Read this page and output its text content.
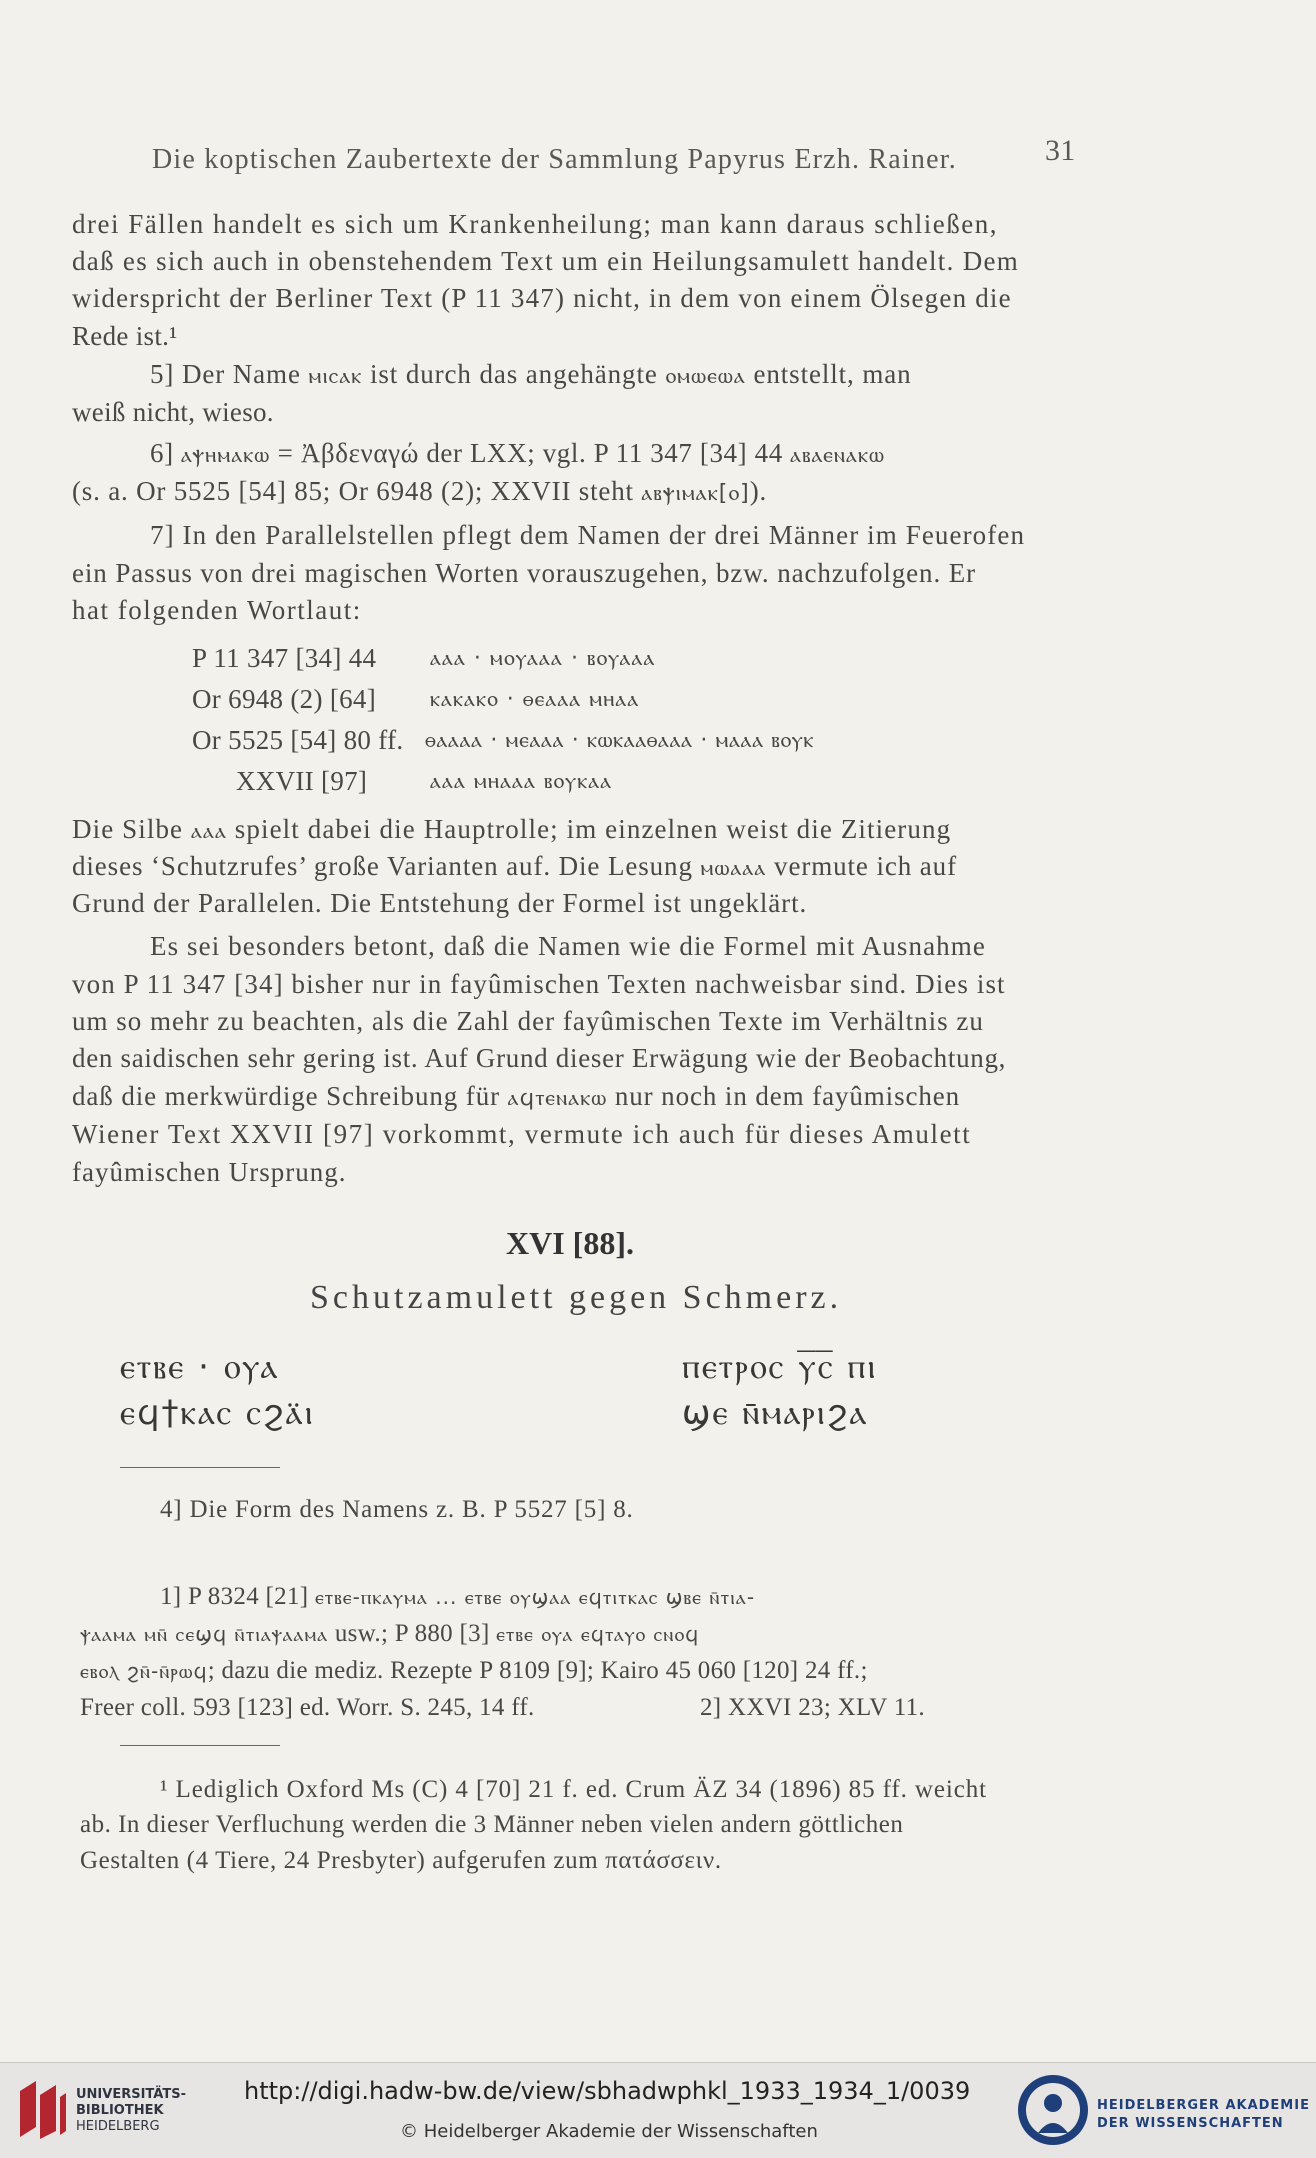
Die koptischen Zaubertexte der Sammlung Papyrus Erzh. Rainer.	31
drei Fällen handelt es sich um Krankenheilung; man kann daraus schließen,
daß es sich auch in obenstehendem Text um ein Heilungsamulett handelt. Dem
widerspricht der Berliner Text (P 11 347) nicht, in dem von einem Ölsegen die
Rede ist.¹
5] Der Name ⲙⲓⲥⲁⲕ ist durch das angehängte ⲟⲙⲱⲉⲱⲁ entstellt, man
weiß nicht, wieso.
6] ⲁⲯⲏⲙⲁⲕⲱ = Ἀβδεναγώ der LXX; vgl. P 11 347 [34] 44 ⲁⲃⲁⲉⲛⲁⲕⲱ
(s. a. Or 5525 [54] 85; Or 6948 (2); XXVII steht ⲁⲃⲯⲓⲙⲁⲕ[ⲟ]).
7] In den Parallelstellen pflegt dem Namen der drei Männer im Feuerofen
ein Passus von drei magischen Worten vorauszugehen, bzw. nachzufolgen. Er
hat folgenden Wortlaut:
P 11 347 [34] 44 ⲁⲁⲁ · ⲙⲟⲩⲁⲁⲁ · ⲃⲟⲩⲁⲁⲁ
Or 6948 (2) [64] ⲕⲁⲕⲁⲕⲟ · ⲑⲉⲁⲁⲁ ⲙⲏⲁⲁ
Or 5525 [54] 80 ff. ⲑⲁⲁⲁⲁ · ⲙⲉⲁⲁⲁ · ⲕⲱⲕⲁⲁⲑⲁⲁⲁ · ⲙⲁⲁⲁ ⲃⲟⲩⲕ
XXVII [97]	ⲁⲁⲁ ⲙⲏⲁⲁⲁ ⲃⲟⲩⲕⲁⲁ
Die Silbe ⲁⲁⲁ spielt dabei die Hauptrolle; im einzelnen weist die Zitierung
dieses ‘Schutzrufes’ große Varianten auf. Die Lesung ⲙⲱⲁⲁⲁ vermute ich auf
Grund der Parallelen. Die Entstehung der Formel ist ungeklärt.
Es sei besonders betont, daß die Namen wie die Formel mit Ausnahme
von P 11 347 [34] bisher nur in fayûmischen Texten nachweisbar sind. Dies ist
um so mehr zu beachten, als die Zahl der fayûmischen Texte im Verhältnis zu
den saidischen sehr gering ist. Auf Grund dieser Erwägung wie der Beobachtung,
daß die merkwürdige Schreibung für ⲁϥⲧⲉⲛⲁⲕⲱ nur noch in dem fayûmischen
Wiener Text XXVII [97] vorkommt, vermute ich auch für dieses Amulett
fayûmischen Ursprung.
XVI [88].
Schutzamulett gegen Schmerz.
ⲉⲧⲃⲉ · ⲟⲩⲁ
ⲉϥ†ⲕⲁⲥ ⲥϩⲁ̈ⲓ
ⲡⲉⲧⲣⲟⲥ ⲩ̅ⲥ̅ ⲡⲓ
ϣⲉ ⲛ̄ⲙⲁⲣⲓϩⲁ
4] Die Form des Namens z. B. P 5527 [5] 8.
1] P 8324 [21] ⲉⲧⲃⲉ-ⲡⲕⲁⲩⲙⲁ ... ⲉⲧⲃⲉ ⲟⲩϣⲁⲁ ⲉϥⲧⲓⲧⲕⲁⲥ ϣⲃⲉ ⲛ̄ⲧⲓⲁ-
ⲯⲁⲁⲙⲁ ⲙⲛ̄ ⲥⲉϣϥ ⲛ̄ⲧⲓⲁⲯⲁⲁⲙⲁ usw.; P 880 [3] ⲉⲧⲃⲉ ⲟⲩⲁ ⲉϥⲧⲁⲩⲟ ⲥⲛⲟϥ
ⲉⲃⲟⲗ ϩⲛ̄-ⲛ̄ⲣⲱϥ; dazu die mediz. Rezepte P 8109 [9]; Kairo 45 060 [120] 24 ff.;
Freer coll. 593 [123] ed. Worr. S. 245, 14 ff.	2] XXVI 23; XLV 11.
¹ Lediglich Oxford Ms (C) 4 [70] 21 f. ed. Crum ÄZ 34 (1896) 85 ff. weicht
ab. In dieser Verfluchung werden die 3 Männer neben vielen andern göttlichen
Gestalten (4 Tiere, 24 Presbyter) aufgerufen zum πατάσσειν.
UNIVERSITÄTS-
BIBLIOTHEK
HEIDELBERG
http://digi.hadw-bw.de/view/sbhadwphkl_1933_1934_1/0039
© Heidelberger Akademie der Wissenschaften
HEIDELBERGER AKADEMIE
DER WISSENSCHAFTEN
